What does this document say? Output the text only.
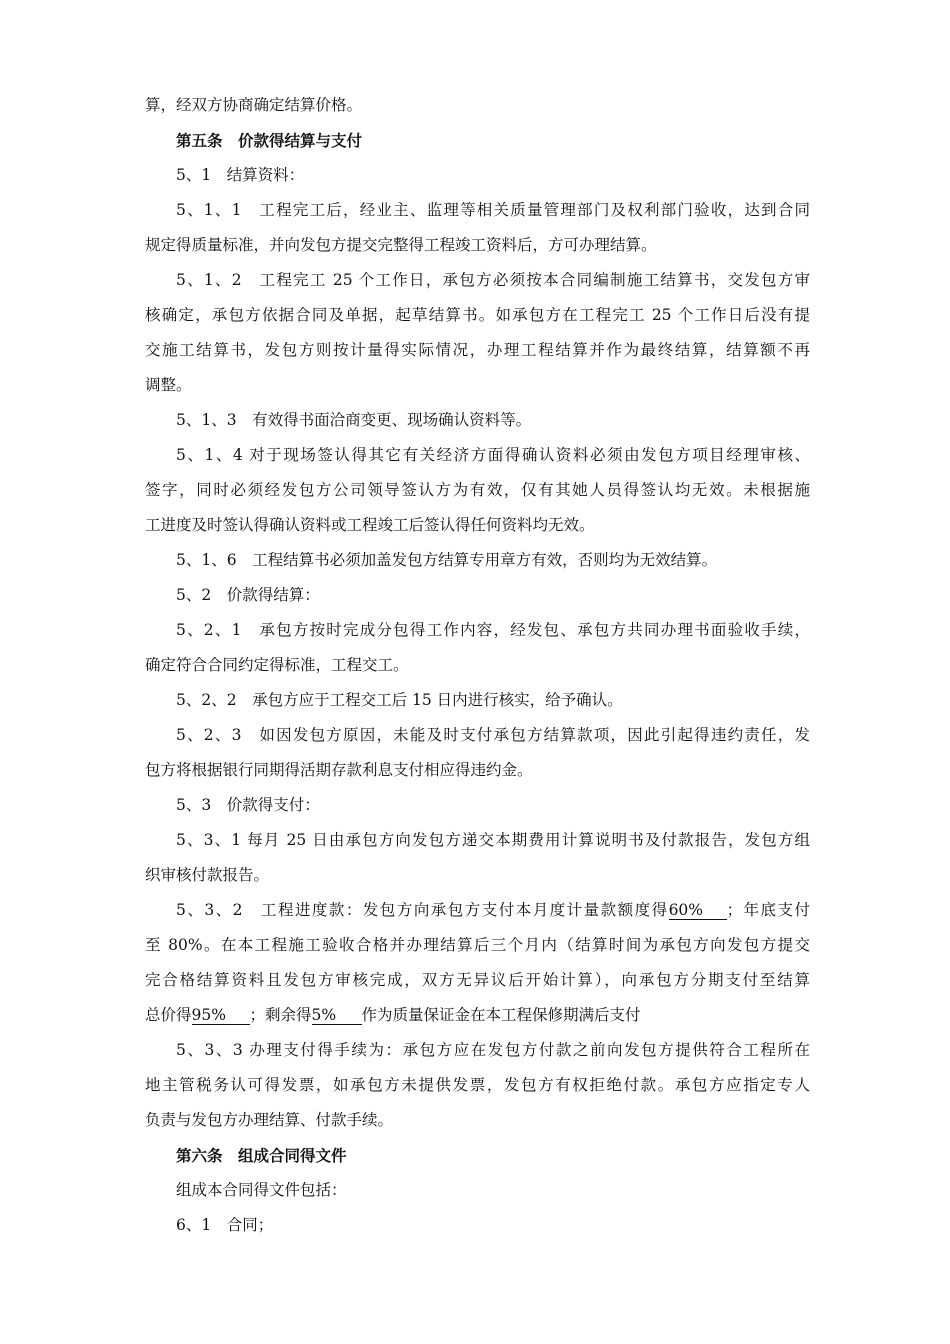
算，经双方协商确定结算价格。
第五条　价款得结算与支付
5、1　结算资料：
5、1、1　工程完工后，经业主、监理等相关质量管理部门及权利部门验收，达到合同
规定得质量标准，并向发包方提交完整得工程竣工资料后，方可办理结算。
5、1、2　工程完工 25 个工作日，承包方必须按本合同编制施工结算书，交发包方审
核确定，承包方依据合同及单据，起草结算书。如承包方在工程完工 25 个工作日后没有提
交施工结算书，发包方则按计量得实际情况，办理工程结算并作为最终结算，结算额不再
调整。
5、1、3　有效得书面洽商变更、现场确认资料等。
5、1、4 对于现场签认得其它有关经济方面得确认资料必须由发包方项目经理审核、
签字，同时必须经发包方公司领导签认方为有效，仅有其她人员得签认均无效。未根据施
工进度及时签认得确认资料或工程竣工后签认得任何资料均无效。
5、1、6　工程结算书必须加盖发包方结算专用章方有效，否则均为无效结算。
5、2　价款得结算：
5、2、1　承包方按时完成分包得工作内容，经发包、承包方共同办理书面验收手续，
确定符合合同约定得标准，工程交工。
5、2、2　承包方应于工程交工后 15 日内进行核实，给予确认。
5、2、3　如因发包方原因，未能及时支付承包方结算款项，因此引起得违约责任，发
包方将根据银行同期得活期存款利息支付相应得违约金。
5、3　价款得支付：
5、3、1 每月 25 日由承包方向发包方递交本期费用计算说明书及付款报告，发包方组
织审核付款报告。
5、3、2　工程进度款：发包方向承包方支付本月度计量款额度得60% ；年底支付
至 80%。在本工程施工验收合格并办理结算后三个月内（结算时间为承包方向发包方提交
完合格结算资料且发包方审核完成，双方无异议后开始计算），向承包方分期支付至结算
总价得95% ；剩余得5% 作为质量保证金在本工程保修期满后支付
5、3、3 办理支付得手续为：承包方应在发包方付款之前向发包方提供符合工程所在
地主管税务认可得发票，如承包方未提供发票，发包方有权拒绝付款。承包方应指定专人
负责与发包方办理结算、付款手续。
第六条　组成合同得文件
组成本合同得文件包括：
6、1　合同；
